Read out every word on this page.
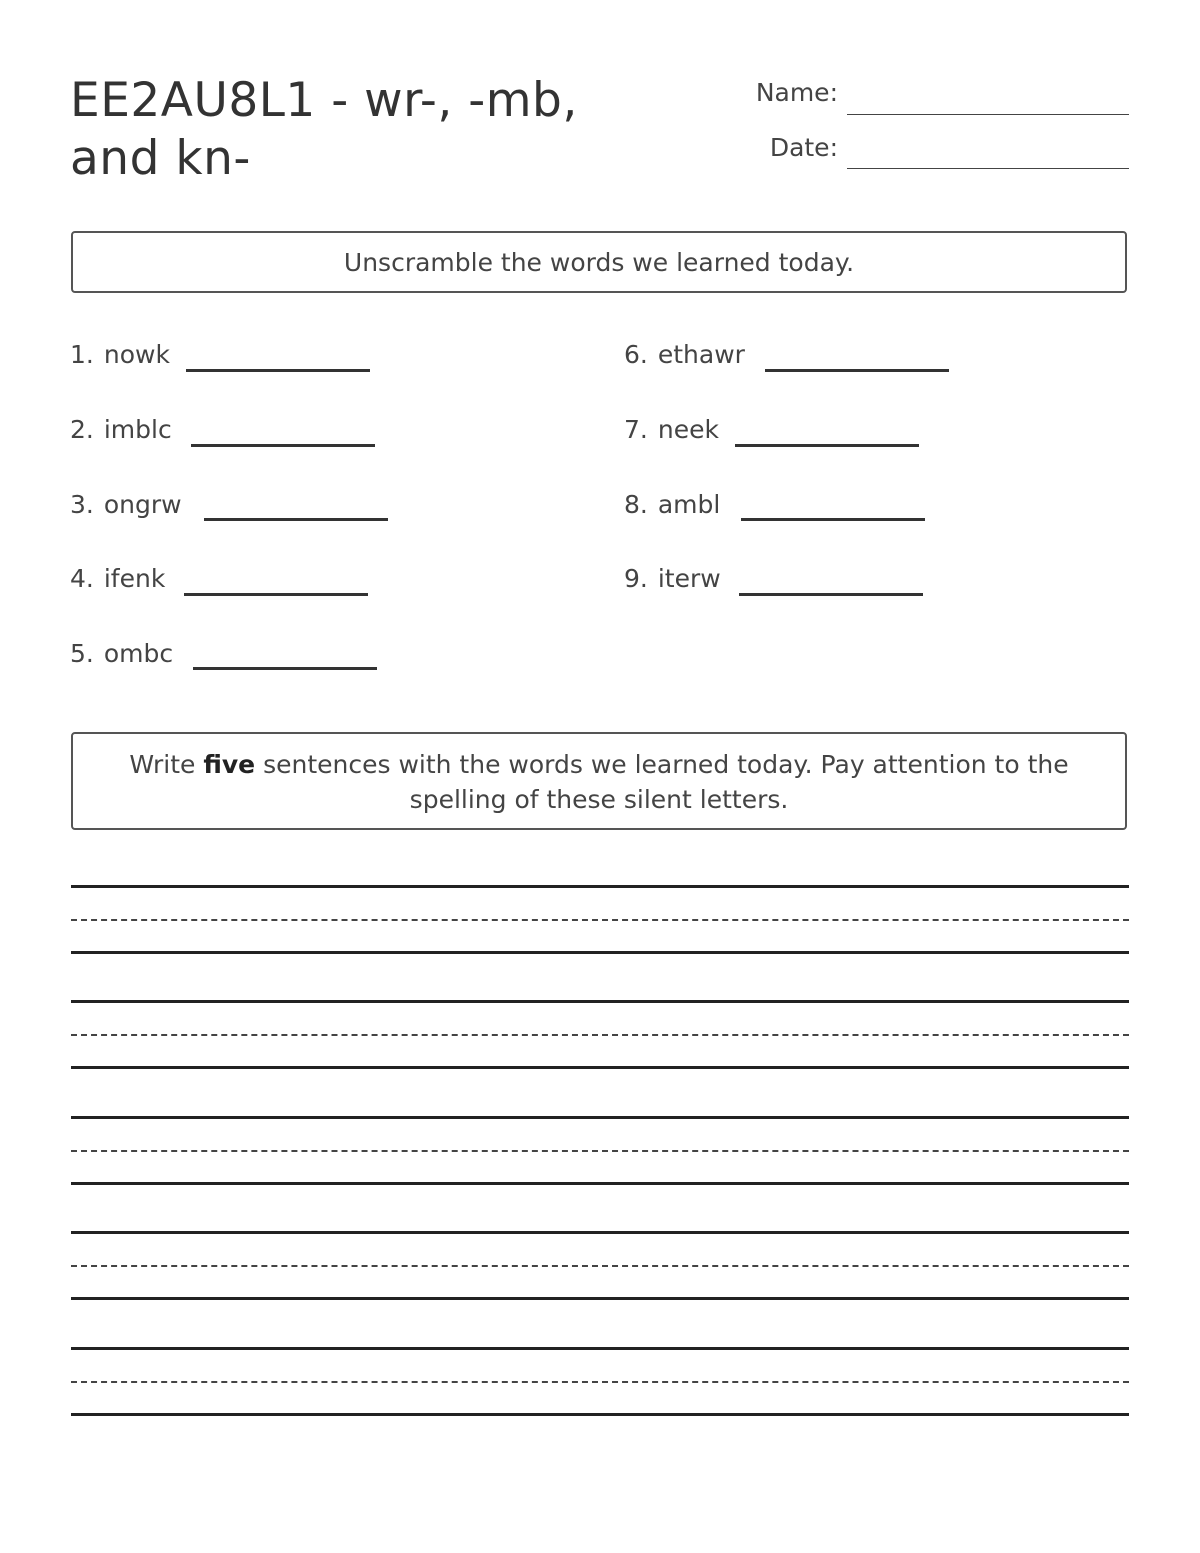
EE2AU8L1 - wr-, -mb, and kn-
Name:
Date:
Unscramble the words we learned today.
1. nowk
2. imblc
3. ongrw
4. ifenk
5. ombc
6. ethawr
7. neek
8. ambl
9. iterw
Write five sentences with the words we learned today. Pay attention to the spelling of these silent letters.
